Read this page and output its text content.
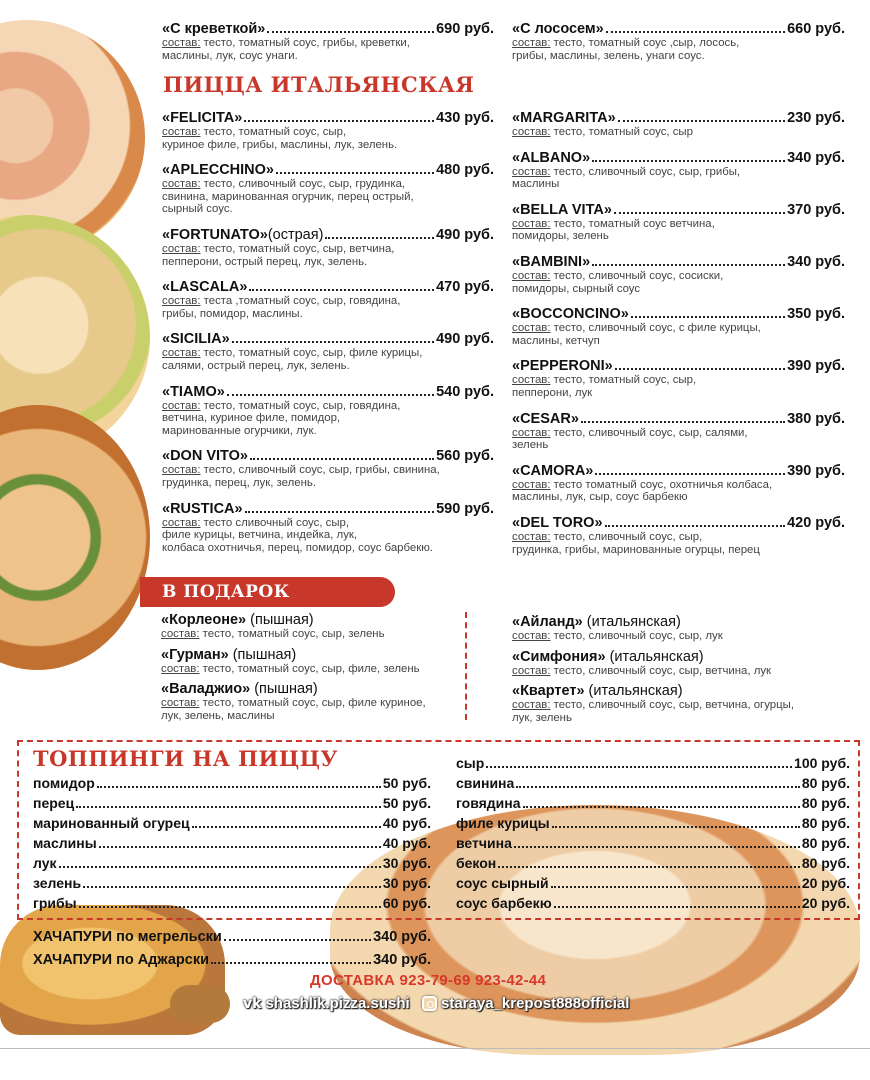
«С креветкой»	690 руб.
состав: тесто, томатный соус, грибы, креветки,
маслины, лук, соус унаги.
«С лососем»	660 руб.
состав: тесто, томатный соус ,сыр, лосось,
грибы, маслины, зелень, унаги соус.
ПИЦЦА ИТАЛЬЯНСКАЯ
«FELICITA»	430 руб.
состав: тесто, томатный соус, сыр,
куриное филе, грибы, маслины, лук, зелень.
«APLECCHINO»	480 руб.
состав: тесто, сливочный соус, сыр, грудинка,
свинина, маринованная огурчик, перец острый,
сырный соус.
«FORTUNATO» (острая)	490 руб.
состав: тесто, томатный соус, сыр, ветчина,
пепперони, острый перец, лук, зелень.
«LASCALA»	470 руб.
состав: теста ,томатный соус, сыр, говядина,
грибы, помидор, маслины.
«SICILIA»	490 руб.
состав: тесто, томатный соус, сыр, филе курицы,
салями, острый перец, лук, зелень.
«TIAMO»	540 руб.
состав: тесто, томатный соус, сыр, говядина,
ветчина, куриное филе, помидор,
маринованные огурчики, лук.
«DON VITO»	560 руб.
состав: тесто, сливочный соус, сыр, грибы, свинина,
грудинка, перец, лук, зелень.
«RUSTICA»	590 руб.
состав: тесто сливочный соус, сыр,
филе курицы, ветчина, индейка, лук,
колбаса охотничья, перец, помидор, соус барбекю.
«MARGARITA»	230 руб.
состав: тесто, томатный соус, сыр
«ALBANO»	340 руб.
состав: тесто, сливочный соус, сыр, грибы,
маслины
«BELLA VITA»	370 руб.
состав: тесто, томатный соус ветчина,
помидоры, зелень
«BAMBINI»	340 руб.
состав: тесто, сливочный соус, сосиски,
помидоры, сырный соус
«BOCCONCINO»	350 руб.
состав: тесто, сливочный соус, с филе курицы,
маслины, кетчуп
«PEPPERONI»	390 руб.
состав: тесто, томатный соус, сыр,
пепперони, лук
«CESAR»	380 руб.
состав: тесто, сливочный соус, сыр, салями,
зелень
«CAMORA»	390 руб.
состав: тесто томатный соус, охотничья колбаса,
маслины, лук, сыр, соус барбекю
«DEL TORO»	420 руб.
состав: тесто, сливочный соус, сыр,
грудинка, грибы, маринованные огурцы, перец
В ПОДАРОК
«Корлеоне» (пышная)
состав: тесто, томатный соус, сыр, зелень
«Гурман» (пышная)
состав: тесто, томатный соус, сыр, филе, зелень
«Валаджио» (пышная)
состав: тесто, томатный соус, сыр, филе куриное,
лук, зелень, маслины
«Айланд» (итальянская)
состав: тесто, сливочный соус, сыр, лук
«Симфония» (итальянская)
состав: тесто, сливочный соус, сыр, ветчина, лук
«Квартет» (итальянская)
состав: тесто, сливочный соус, сыр, ветчина, огурцы,
лук, зелень
ТОППИНГИ НА ПИЦЦУ
помидор	50 руб.
перец	50 руб.
маринованный огурец	40 руб.
маслины	40 руб.
лук	30 руб.
зелень	30 руб.
грибы	60 руб.
сыр	100 руб.
свинина	80 руб.
говядина	80 руб.
филе курицы	80 руб.
ветчина	80 руб.
бекон	80 руб.
соус сырный	20 руб.
соус барбекю	20 руб.
ХАЧАПУРИ по мегрельски	340 руб.
ХАЧАПУРИ по Аджарски	340 руб.
ДОСТАВКА 923-79-69 923-42-44
vk shashlik.pizza.sushi staraya_krepost888official
